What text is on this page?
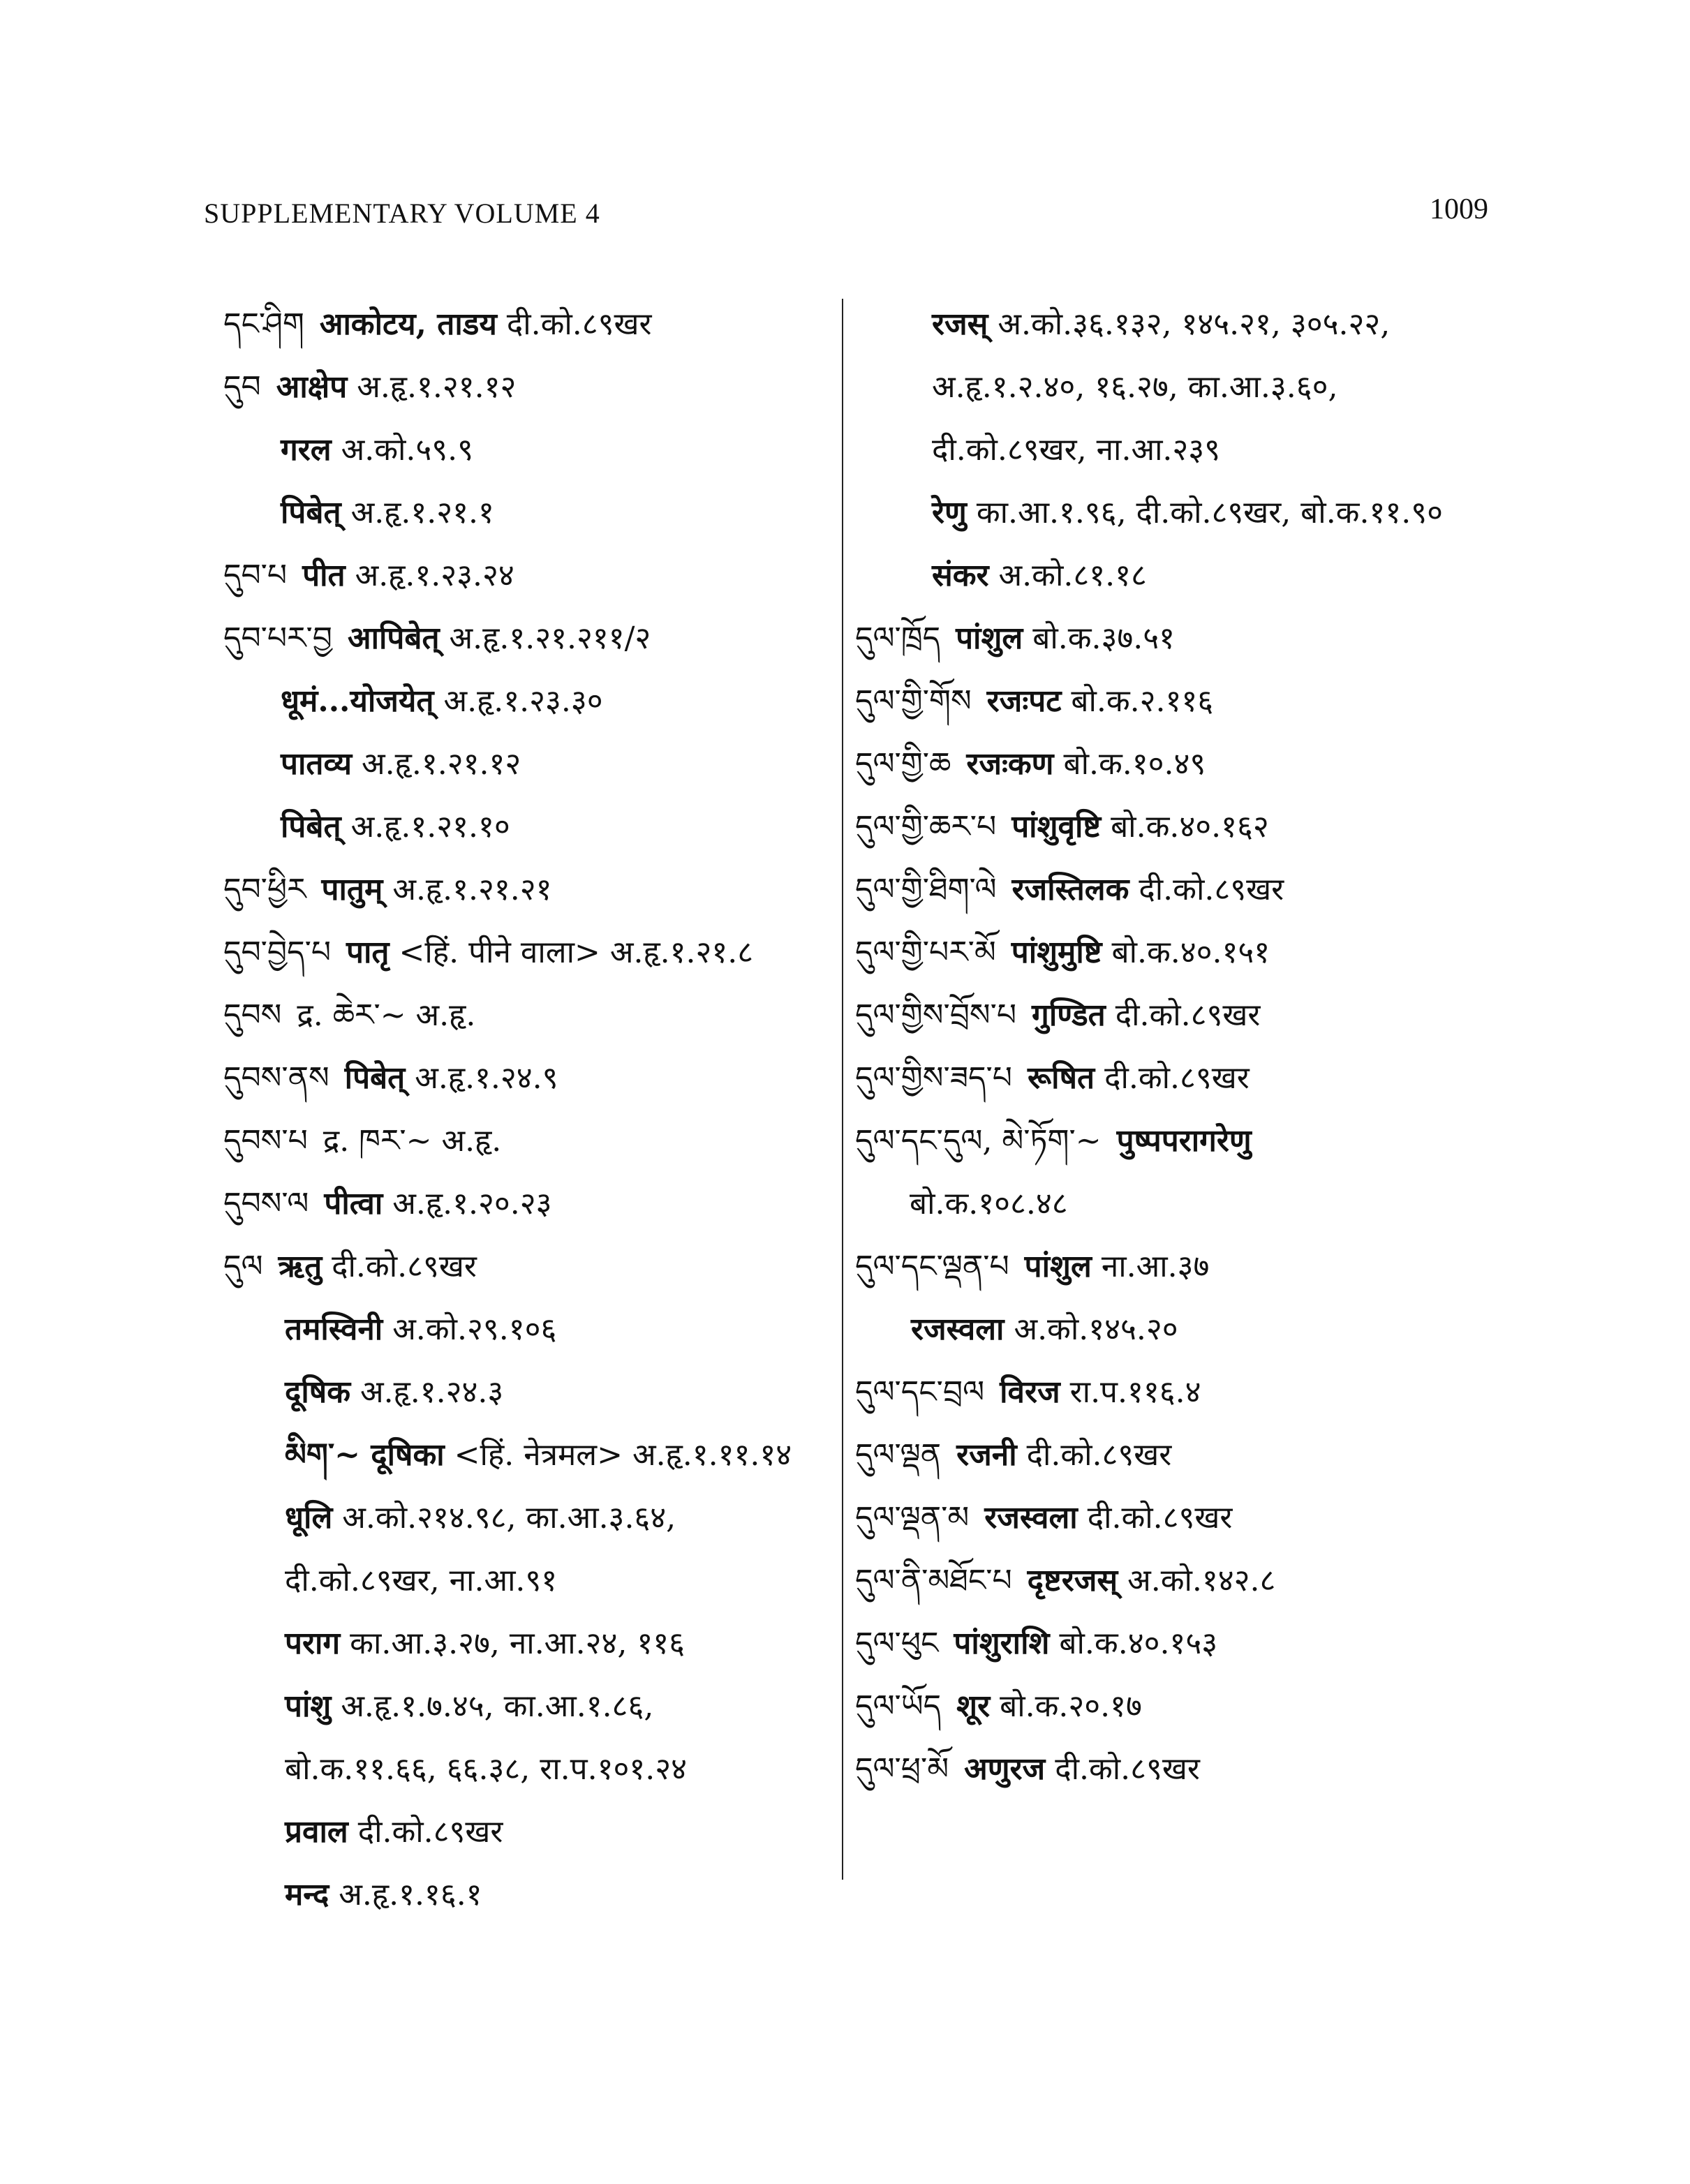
SUPPLEMENTARY VOLUME 4	1009
དང་ཤིག आकोटय, ताडय दी.को.८९खर
དུབ आक्षेप अ.हृ.१.२१.१२
गरल अ.को.५९.९
पिबेत् अ.हृ.१.२१.१
དུབ་པ पीत अ.हृ.१.२३.२४
དུབ་པར་བྱ आपिबेत् अ.हृ.१.२१.२११/२
धूमं...योजयेत् अ.हृ.१.२३.३०
पातव्य अ.हृ.१.२१.१२
पिबेत् अ.हृ.१.२१.१०
དུབ་ཕྱིར पातुम् अ.हृ.१.२१.२१
དུབ་བྱེད་པ पातृ <हिं. पीने वाला> अ.हृ.१.२१.८
དུབས द्र. ཆེར་~ अ.हृ.
དུབས་ནས पिबेत् अ.हृ.१.२४.९
དུབས་པ द्र. ཁར་~ अ.हृ.
དུབས་ལ पीत्वा अ.हृ.१.२०.२३
དུལ ऋतु दी.को.८९खर
तमस्विनी अ.को.२९.१०६
दूषिक अ.हृ.१.२४.३
མིག་~ दूषिका <हिं. नेत्रमल> अ.हृ.१.११.१४
धूलि अ.को.२१४.९८, का.आ.३.६४,
दी.को.८९खर, ना.आ.९१
पराग का.आ.३.२७, ना.आ.२४, ११६
पांशु अ.हृ.१.७.४५, का.आ.१.८६,
बो.क.११.६६, ६६.३८, रा.प.१०१.२४
प्रवाल दी.को.८९खर
मन्द अ.हृ.१.१६.१
रजस् अ.को.३६.१३२, १४५.२१, ३०५.२२,
अ.हृ.१.२.४०, १६.२७, का.आ.३.६०,
दी.को.८९खर, ना.आ.२३९
रेणु का.आ.१.९६, दी.को.८९खर, बो.क.११.९०
संकर अ.को.८१.१८
དུལ་ཁྲོད पांशुल बो.क.३७.५१
དུལ་གྱི་གོས रजःपट बो.क.२.११६
དུལ་གྱི་ཆ रजःकण बो.क.१०.४९
དུལ་གྱི་ཆར་པ पांशुवृष्टि बो.क.४०.१६२
དུལ་གྱི་ཐིག་ལེ रजस्तिलक दी.को.८९खर
དུལ་གྱི་པར་མོ पांशुमुष्टि बो.क.४०.१५१
དུལ་གྱིས་བྲོས་པ गुण्डित दी.को.८९खर
དུལ་གྱིས་ཟད་པ रूषित दी.को.८९खर
དུལ་དང་དུལ, མེ་ཏོག་~ पुष्पपरागरेणु
बो.क.१०८.४८
དུལ་དང་ལྡན་པ पांशुल ना.आ.३७
रजस्वला अ.को.१४५.२०
དུལ་དང་བྲལ विरज रा.प.११६.४
དུལ་ལྡན रजनी दी.को.८९खर
དུལ་ལྡན་མ रजस्वला दी.को.८९खर
དུལ་ནི་མཐོང་པ दृष्टरजस् अ.को.१४२.८
དུལ་ཕུང पांशुराशि बो.क.४०.१५३
དུལ་ཡོད शूर बो.क.२०.१७
དུལ་ཕྲ་མོ अणुरज दी.को.८९खर
